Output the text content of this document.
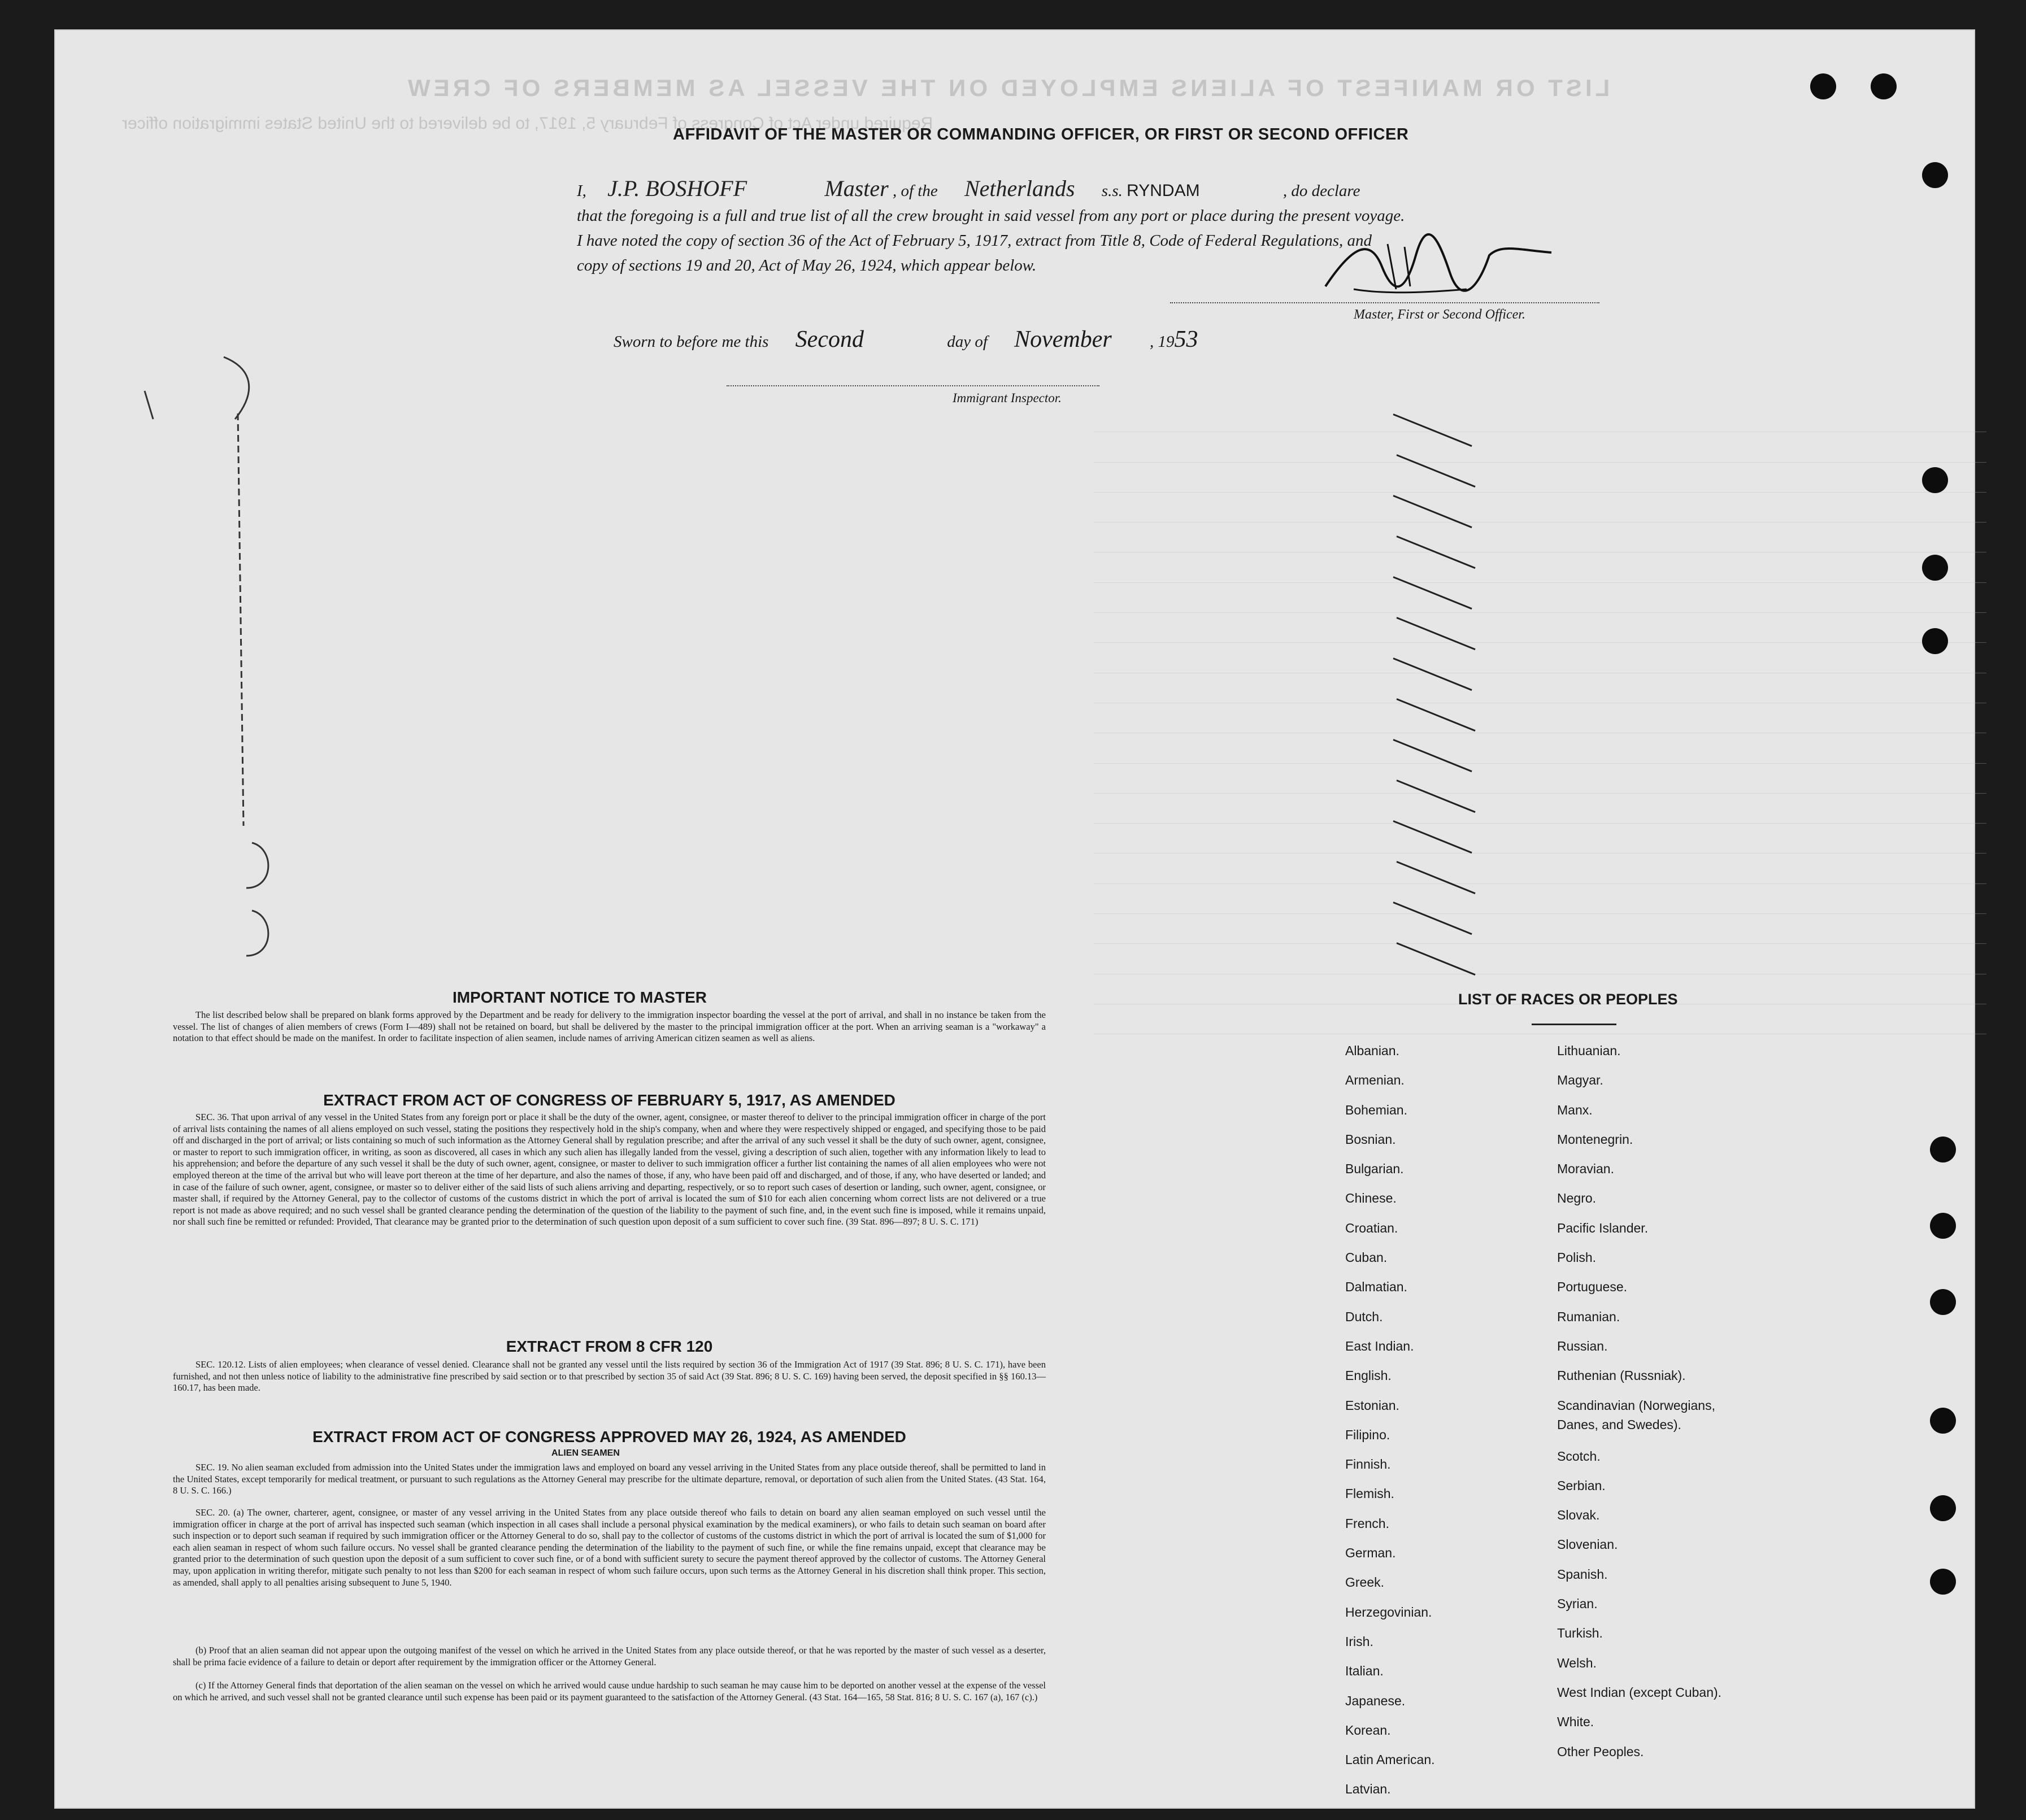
LIST OR MANIFEST OF ALIENS EMPLOYED ON THE VESSEL AS MEMBERS OF CREW
Required under Act of Congress of February 5, 1917, to be delivered to the United States immigration officer
AFFIDAVIT OF THE MASTER OR COMMANDING OFFICER, OR FIRST OR SECOND OFFICER
I, J.P. BOSHOFF	Master , of the Netherlands s.s. RYNDAM	, do declare
that the foregoing is a full and true list of all the crew brought in said vessel from any port or place during the present voyage.
I have noted the copy of section 36 of the Act of February 5, 1917, extract from Title 8, Code of Federal Regulations, and
copy of sections 19 and 20, Act of May 26, 1924, which appear below.
Master, First or Second Officer.
Sworn to before me this Second	day of November , 1953
Immigrant Inspector.
IMPORTANT NOTICE TO MASTER
The list described below shall be prepared on blank forms approved by the Department and be ready for delivery to the immigration inspector boarding the vessel at the port of arrival, and shall in no instance be taken from the vessel. The list of changes of alien members of crews (Form I—489) shall not be retained on board, but shall be delivered by the master to the principal immigration officer at the port. When an arriving seaman is a "workaway" a notation to that effect should be made on the manifest. In order to facilitate inspection of alien seamen, include names of arriving American citizen seamen as well as aliens.
EXTRACT FROM ACT OF CONGRESS OF FEBRUARY 5, 1917, AS AMENDED
SEC. 36. That upon arrival of any vessel in the United States from any foreign port or place it shall be the duty of the owner, agent, consignee, or master thereof to deliver to the principal immigration officer in charge of the port of arrival lists containing the names of all aliens employed on such vessel, stating the positions they respectively hold in the ship's company, when and where they were respectively shipped or engaged, and specifying those to be paid off and discharged in the port of arrival; or lists containing so much of such information as the Attorney General shall by regulation prescribe; and after the arrival of any such vessel it shall be the duty of such owner, agent, consignee, or master to report to such immigration officer, in writing, as soon as discovered, all cases in which any such alien has illegally landed from the vessel, giving a description of such alien, together with any information likely to lead to his apprehension; and before the departure of any such vessel it shall be the duty of such owner, agent, consignee, or master to deliver to such immigration officer a further list containing the names of all alien employees who were not employed thereon at the time of the arrival but who will leave port thereon at the time of her departure, and also the names of those, if any, who have been paid off and discharged, and of those, if any, who have deserted or landed; and in case of the failure of such owner, agent, consignee, or master so to deliver either of the said lists of such aliens arriving and departing, respectively, or so to report such cases of desertion or landing, such owner, agent, consignee, or master shall, if required by the Attorney General, pay to the collector of customs of the customs district in which the port of arrival is located the sum of $10 for each alien concerning whom correct lists are not delivered or a true report is not made as above required; and no such vessel shall be granted clearance pending the determination of the question of the liability to the payment of such fine, and, in the event such fine is imposed, while it remains unpaid, nor shall such fine be remitted or refunded: Provided, That clearance may be granted prior to the determination of such question upon deposit of a sum sufficient to cover such fine. (39 Stat. 896—897; 8 U. S. C. 171)
EXTRACT FROM 8 CFR 120
SEC. 120.12. Lists of alien employees; when clearance of vessel denied. Clearance shall not be granted any vessel until the lists required by section 36 of the Immigration Act of 1917 (39 Stat. 896; 8 U. S. C. 171), have been furnished, and not then unless notice of liability to the administrative fine prescribed by said section or to that prescribed by section 35 of said Act (39 Stat. 896; 8 U. S. C. 169) having been served, the deposit specified in §§ 160.13—160.17, has been made.
EXTRACT FROM ACT OF CONGRESS APPROVED MAY 26, 1924, AS AMENDED
ALIEN SEAMEN
SEC. 19. No alien seaman excluded from admission into the United States under the immigration laws and employed on board any vessel arriving in the United States from any place outside thereof, shall be permitted to land in the United States, except temporarily for medical treatment, or pursuant to such regulations as the Attorney General may prescribe for the ultimate departure, removal, or deportation of such alien from the United States. (43 Stat. 164, 8 U. S. C. 166.)
SEC. 20. (a) The owner, charterer, agent, consignee, or master of any vessel arriving in the United States from any place outside thereof who fails to detain on board any alien seaman employed on such vessel until the immigration officer in charge at the port of arrival has inspected such seaman (which inspection in all cases shall include a personal physical examination by the medical examiners), or who fails to detain such seaman on board after such inspection or to deport such seaman if required by such immigration officer or the Attorney General to do so, shall pay to the collector of customs of the customs district in which the port of arrival is located the sum of $1,000 for each alien seaman in respect of whom such failure occurs. No vessel shall be granted clearance pending the determination of the liability to the payment of such fine, or while the fine remains unpaid, except that clearance may be granted prior to the determination of such question upon the deposit of a sum sufficient to cover such fine, or of a bond with sufficient surety to secure the payment thereof approved by the collector of customs. The Attorney General may, upon application in writing therefor, mitigate such penalty to not less than $200 for each seaman in respect of whom such failure occurs, upon such terms as the Attorney General in his discretion shall think proper. This section, as amended, shall apply to all penalties arising subsequent to June 5, 1940.
(b) Proof that an alien seaman did not appear upon the outgoing manifest of the vessel on which he arrived in the United States from any place outside thereof, or that he was reported by the master of such vessel as a deserter, shall be prima facie evidence of a failure to detain or deport after requirement by the immigration officer or the Attorney General.
(c) If the Attorney General finds that deportation of the alien seaman on the vessel on which he arrived would cause undue hardship to such seaman he may cause him to be deported on another vessel at the expense of the vessel on which he arrived, and such vessel shall not be granted clearance until such expense has been paid or its payment guaranteed to the satisfaction of the Attorney General. (43 Stat. 164—165, 58 Stat. 816; 8 U. S. C. 167 (a), 167 (c).)
LIST OF RACES OR PEOPLES
Albanian.
Armenian.
Bohemian.
Bosnian.
Bulgarian.
Chinese.
Croatian.
Cuban.
Dalmatian.
Dutch.
East Indian.
English.
Estonian.
Filipino.
Finnish.
Flemish.
French.
German.
Greek.
Herzegovinian.
Irish.
Italian.
Japanese.
Korean.
Latin American.
Latvian.
Lithuanian.
Magyar.
Manx.
Montenegrin.
Moravian.
Negro.
Pacific Islander.
Polish.
Portuguese.
Rumanian.
Russian.
Ruthenian (Russniak).
Scandinavian (Norwegians, Danes, and Swedes).
Scotch.
Serbian.
Slovak.
Slovenian.
Spanish.
Syrian.
Turkish.
Welsh.
West Indian (except Cuban).
White.
Other Peoples.
